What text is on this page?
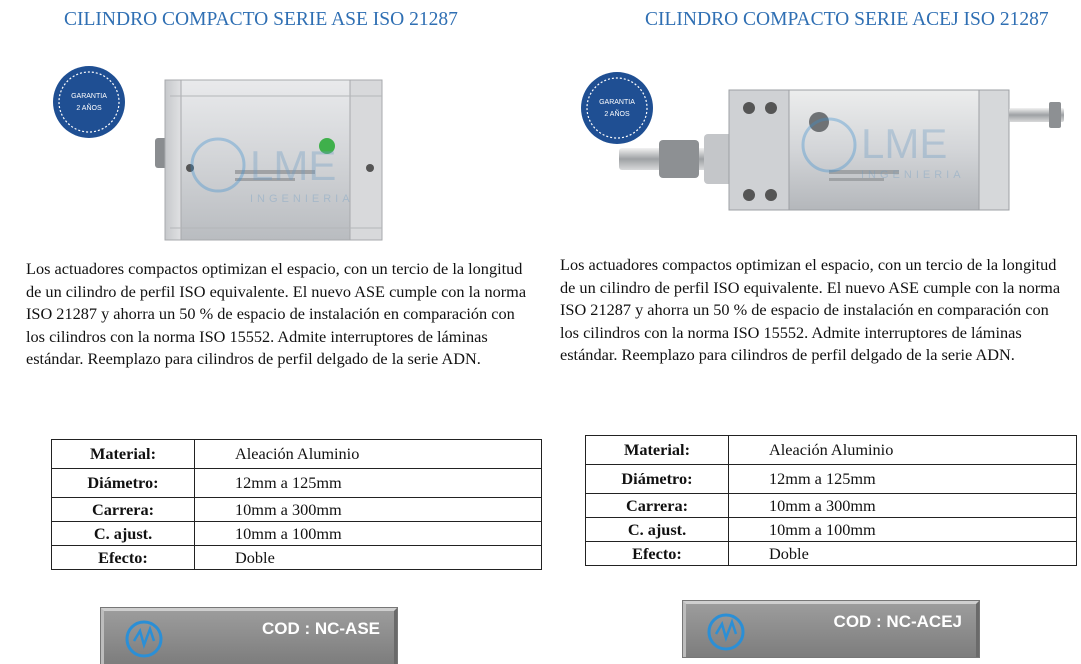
CILINDRO COMPACTO SERIE ASE ISO 21287
GARANTIA
2 AÑOS
LME
INGENIERIA

Los actuadores compactos optimizan el espacio, con un tercio de la longitud de un cilindro de perfil ISO equivalente. El nuevo ASE cumple con la norma ISO 21287 y ahorra un 50 % de espacio de instalación en comparación con los cilindros con la norma ISO 15552. Admite interruptores de láminas estándar. Reemplazo para cilindros de perfil delgado de la serie ADN.

Material:	Aleación Aluminio
Diámetro:	12mm a 125mm
Carrera:	10mm a 300mm
C. ajust.	10mm a 100mm
Efecto:	Doble
COD : NC-ASE
CILINDRO COMPACTO SERIE ACEJ ISO 21287
GARANTIA
2 AÑOS
LME
INGENIERIA

Los actuadores compactos optimizan el espacio, con un tercio de la longitud de un cilindro de perfil ISO equivalente. El nuevo ASE cumple con la norma ISO 21287 y ahorra un 50 % de espacio de instalación en comparación con los cilindros con la norma ISO 15552. Admite interruptores de láminas estándar. Reemplazo para cilindros de perfil delgado de la serie ADN.

Material:	Aleación Aluminio
Diámetro:	12mm a 125mm
Carrera:	10mm a 300mm
C. ajust.	10mm a 100mm
Efecto:	Doble
COD : NC-ACEJ
